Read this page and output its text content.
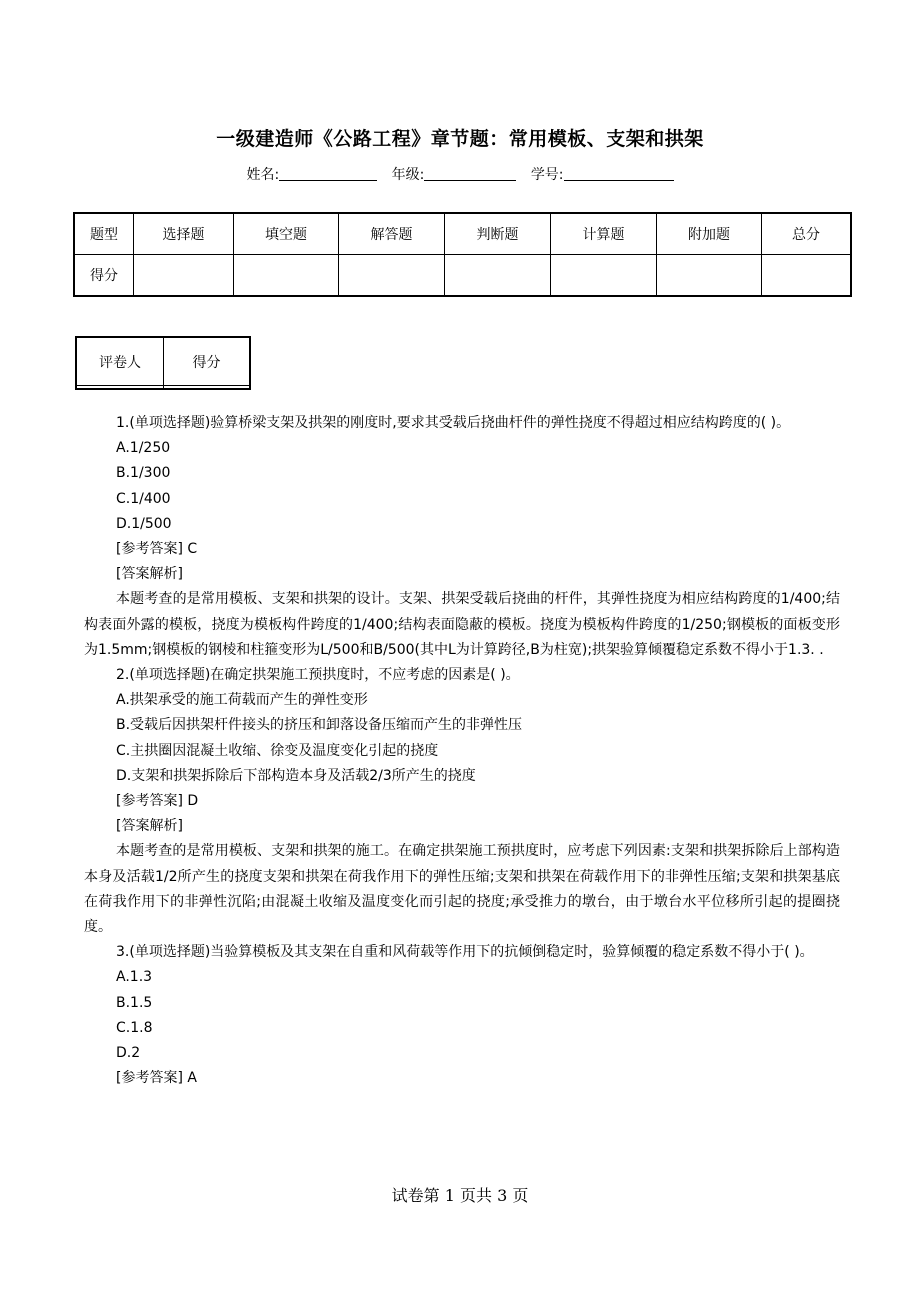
一级建造师《公路工程》章节题：常用模板、支架和拱架
姓名:	年级:	学号:
题型	选择题	填空题	解答题	判断题	计算题	附加题	总分
得分							
评卷人	得分

1.(单项选择题)验算桥梁支架及拱架的刚度时,要求其受载后挠曲杆件的弹性挠度不得超过相应结构跨度的( )。

A.1/250

B.1/300

C.1/400

D.1/500

[参考答案] C

[答案解析]

本题考查的是常用模板、支架和拱架的设计。支架、拱架受载后挠曲的杆件，其弹性挠度为相应结构跨度的1/400;结构表面外露的模板，挠度为模板构件跨度的1/400;结构表面隐蔽的模板。挠度为模板构件跨度的1/250;钢模板的面板变形为1.5mm;钢模板的钢棱和柱箍变形为L/500和B/500(其中L为计算跨径,B为柱宽);拱架验算倾覆稳定系数不得小于1.3. .

2.(单项选择题)在确定拱架施工预拱度时，不应考虑的因素是( )。

A.拱架承受的施工荷载而产生的弹性变形

B.受载后因拱架杆件接头的挤压和卸落设备压缩而产生的非弹性压

C.主拱圈因混凝土收缩、徐变及温度变化引起的挠度

D.支架和拱架拆除后下部构造本身及活载2/3所产生的挠度

[参考答案] D

[答案解析]

本题考查的是常用模板、支架和拱架的施工。在确定拱架施工预拱度时，应考虑下列因素:支架和拱架拆除后上部构造本身及活载1/2所产生的挠度支架和拱架在荷我作用下的弹性压缩;支架和拱架在荷载作用下的非弹性压缩;支架和拱架基底在荷我作用下的非弹性沉陷;由混凝土收缩及温度变化而引起的挠度;承受推力的墩台，由于墩台水平位移所引起的提圈挠度。

3.(单项选择题)当验算模板及其支架在自重和风荷载等作用下的抗倾倒稳定时，验算倾覆的稳定系数不得小于( )。

A.1.3

B.1.5

C.1.8

D.2

[参考答案] A

试卷第 1 页共 3 页
